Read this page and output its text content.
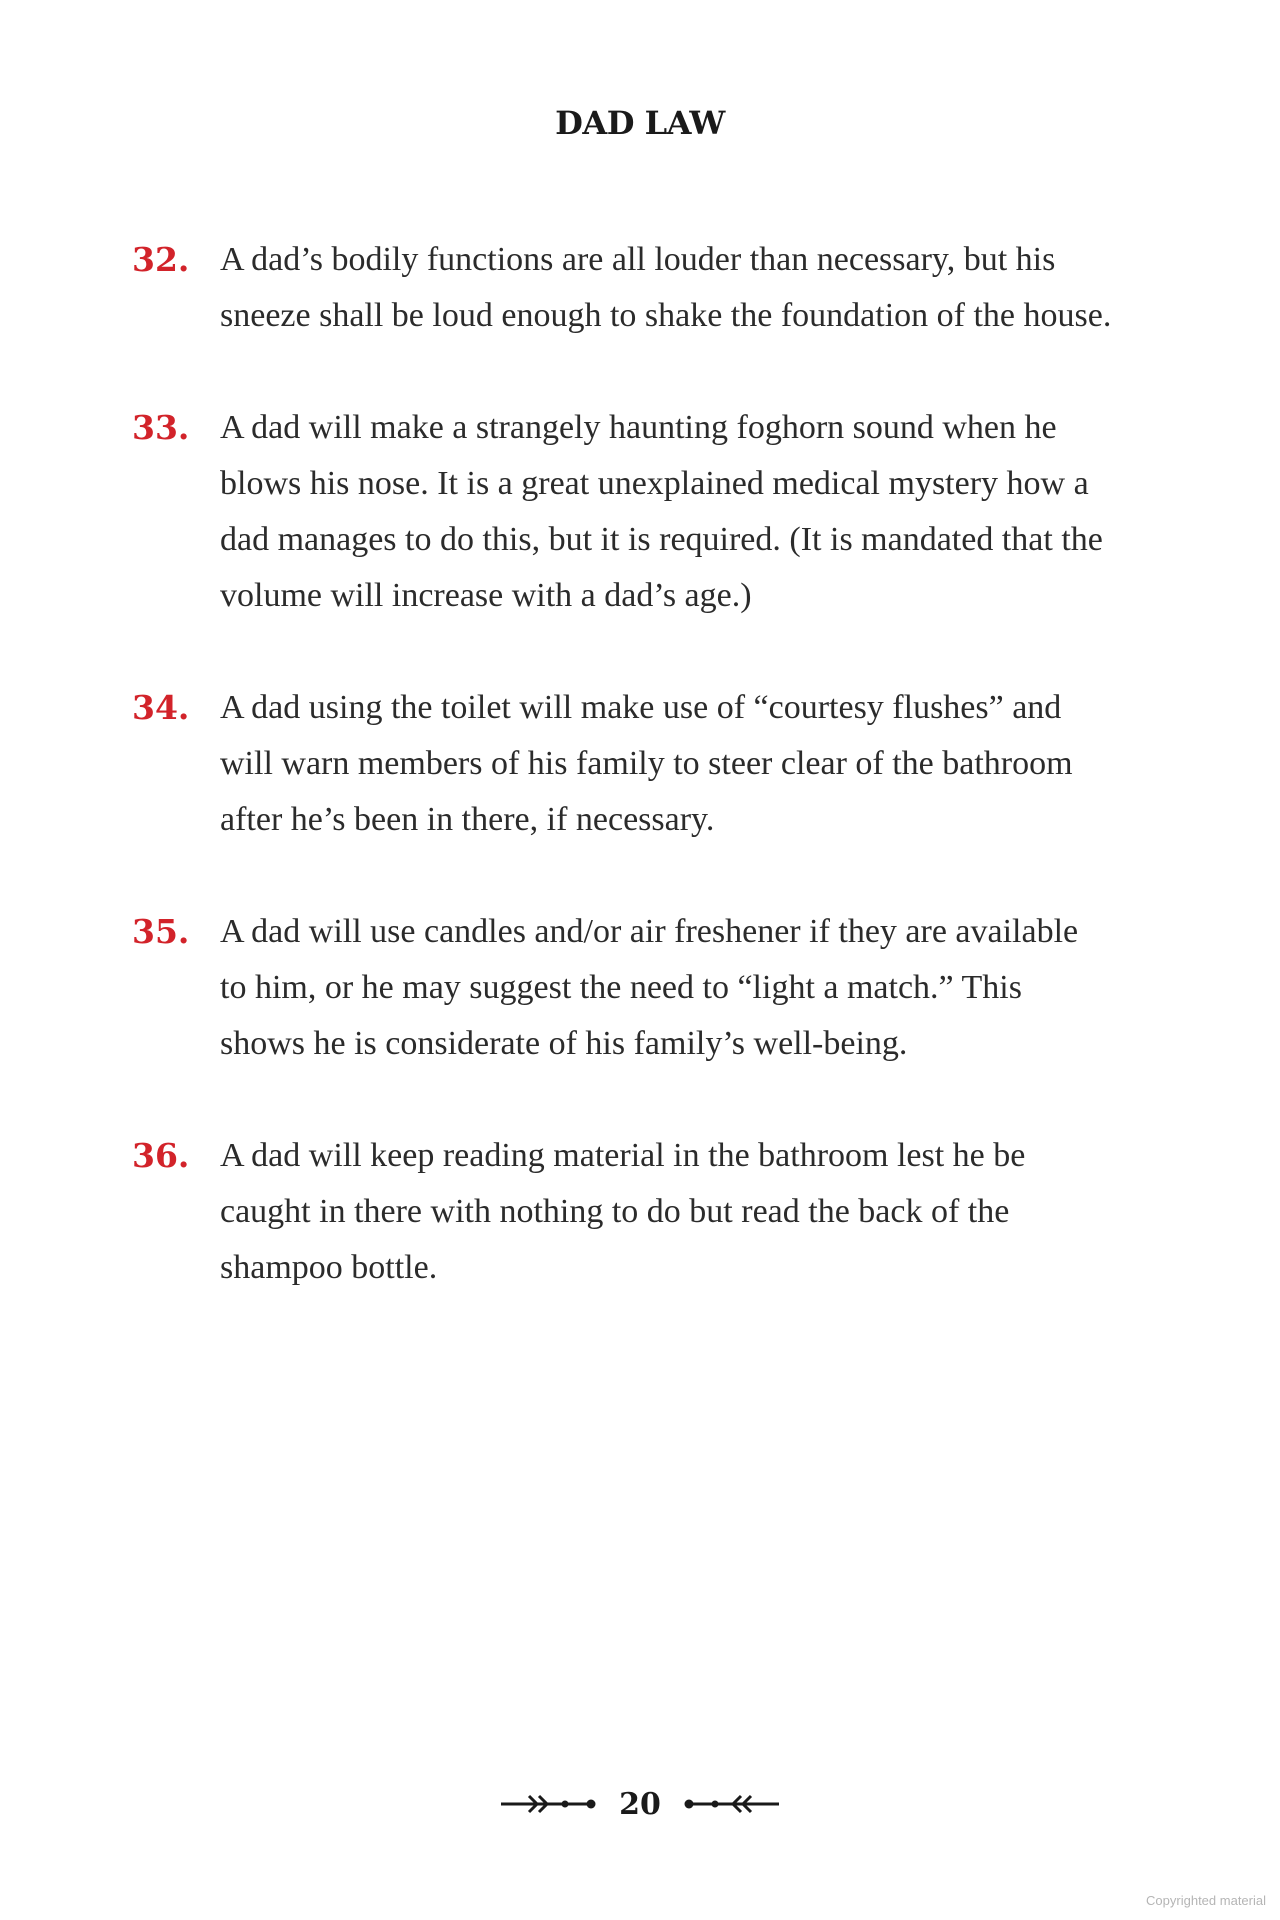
DAD LAW
32. A dad’s bodily functions are all louder than necessary, but his sneeze shall be loud enough to shake the foundation of the house.
33. A dad will make a strangely haunting foghorn sound when he blows his nose. It is a great unexplained medical mystery how a dad manages to do this, but it is required. (It is mandated that the volume will increase with a dad’s age.)
34. A dad using the toilet will make use of “courtesy flushes” and will warn members of his family to steer clear of the bathroom after he’s been in there, if necessary.
35. A dad will use candles and/or air freshener if they are available to him, or he may suggest the need to “light a match.” This shows he is considerate of his family’s well-being.
36. A dad will keep reading material in the bathroom lest he be caught in there with nothing to do but read the back of the shampoo bottle.
20
Copyrighted material
